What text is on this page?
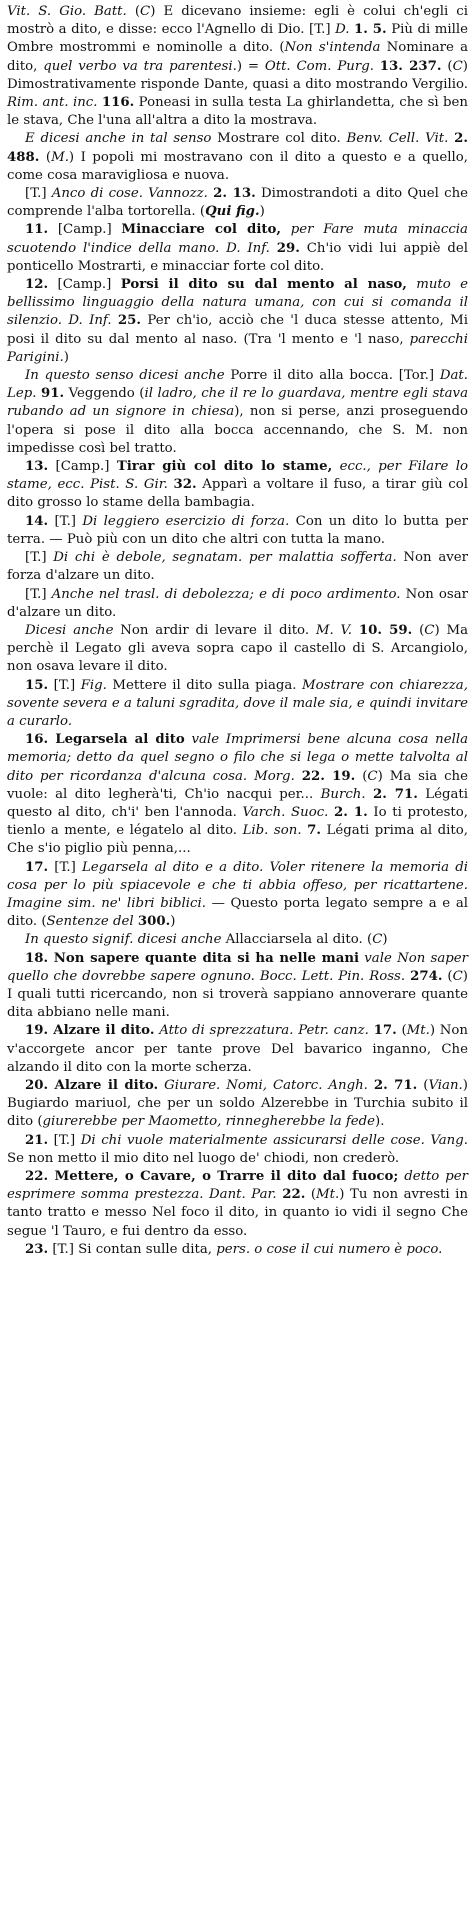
Vit. S. Gio. Batt. (C) E dicevano insieme: egli è colui ch'egli ci mostrò a dito, e disse: ecco l'Agnello di Dio. [T.] D. 1. 5. Più di mille Ombre mostrommi e nominolle a dito. (Non s'intenda Nominare a dito, quel verbo va tra parentesi.) = Ott. Com. Purg. 13. 237. (C) Dimostrativamente risponde Dante, quasi a dito mostrando Vergilio. Rim. ant. inc. 116. Poneasi in sulla testa La ghirlandetta, che sì ben le stava, Che l'una all'altra a dito la mostrava.

E dicesi anche in tal senso Mostrare col dito. Benv. Cell. Vit. 2. 488. (M.) I popoli mi mostravano con il dito a questo e a quello, come cosa maravigliosa e nuova.

[T.] Anco di cose. Vannozz. 2. 13. Dimostrandoti a dito Quel che comprende l'alba tortorella. (Qui fig.)

11. [Camp.] Minacciare col dito, per Fare muta minaccia scuotendo l'indice della mano. D. Inf. 29. Ch'io vidi lui appiè del ponticello Mostrarti, e minacciar forte col dito.

12. [Camp.] Porsi il dito su dal mento al naso, muto e bellissimo linguaggio della natura umana, con cui si comanda il silenzio. D. Inf. 25. Per ch'io, acciò che 'l duca stesse attento, Mi posi il dito su dal mento al naso. (Tra 'l mento e 'l naso, parecchi Parigini.)

In questo senso dicesi anche Porre il dito alla bocca. [Tor.] Dat. Lep. 91. Veggendo (il ladro, che il re lo guardava, mentre egli stava rubando ad un signore in chiesa), non si perse, anzi proseguendo l'opera si pose il dito alla bocca accennando, che S. M. non impedisse così bel tratto.

13. [Camp.] Tirar giù col dito lo stame, ecc., per Filare lo stame, ecc. Pist. S. Gir. 32. Apparì a voltare il fuso, a tirar giù col dito grosso lo stame della bambagia.

14. [T.] Di leggiero esercizio di forza. Con un dito lo butta per terra. — Può più con un dito che altri con tutta la mano.

[T.] Di chi è debole, segnatam. per malattia sofferta. Non aver forza d'alzare un dito.

[T.] Anche nel trasl. di debolezza; e di poco ardimento. Non osar d'alzare un dito.

Dicesi anche Non ardir di levare il dito. M. V. 10. 59. (C) Ma perchè il Legato gli aveva sopra capo il castello di S. Arcangiolo, non osava levare il dito.

15. [T.] Fig. Mettere il dito sulla piaga. Mostrare con chiarezza, sovente severa e a taluni sgradita, dove il male sia, e quindi invitare a curarlo.

16. Legarsela al dito vale Imprimersi bene alcuna cosa nella memoria; detto da quel segno o filo che si lega o mette talvolta al dito per ricordanza d'alcuna cosa. Morg. 22. 19. (C) Ma sia che vuole: al dito legherà'ti, Ch'io nacqui per... Burch. 2. 71. Légati questo al dito, ch'i' ben l'annoda. Varch. Suoc. 2. 1. Io ti protesto, tienlo a mente, e légatelo al dito. Lib. son. 7. Légati prima al dito, Che s'io piglio più penna,...

17. [T.] Legarsela al dito e a dito. Voler ritenere la memoria di cosa per lo più spiacevole e che ti abbia offeso, per ricattartene. Imagine sim. ne' libri biblici. — Questo porta legato sempre a e al dito. (Sentenze del 300.)

In questo signif. dicesi anche Allacciarsela al dito. (C)

18. Non sapere quante dita si ha nelle mani vale Non saper quello che dovrebbe sapere ognuno. Bocc. Lett. Pin. Ross. 274. (C) I quali tutti ricercando, non si troverà sappiano annoverare quante dita abbiano nelle mani.

19. Alzare il dito. Atto di sprezzatura. Petr. canz. 17. (Mt.) Non v'accorgete ancor per tante prove Del bavarico inganno, Che alzando il dito con la morte scherza.

20. Alzare il dito. Giurare. Nomi, Catorc. Angh. 2. 71. (Vian.) Bugiardo mariuol, che per un soldo Alzerebbe in Turchia subito il dito (giurerebbe per Maometto, rinnegherebbe la fede).

21. [T.] Di chi vuole materialmente assicurarsi delle cose. Vang. Se non metto il mio dito nel luogo de' chiodi, non crederò.

22. Mettere, o Cavare, o Trarre il dito dal fuoco; detto per esprimere somma prestezza. Dant. Par. 22. (Mt.) Tu non avresti in tanto tratto e messo Nel foco il dito, in quanto io vidi il segno Che segue 'l Tauro, e fui dentro da esso.

23. [T.] Si contan sulle dita, pers. o cose il cui numero è poco.
